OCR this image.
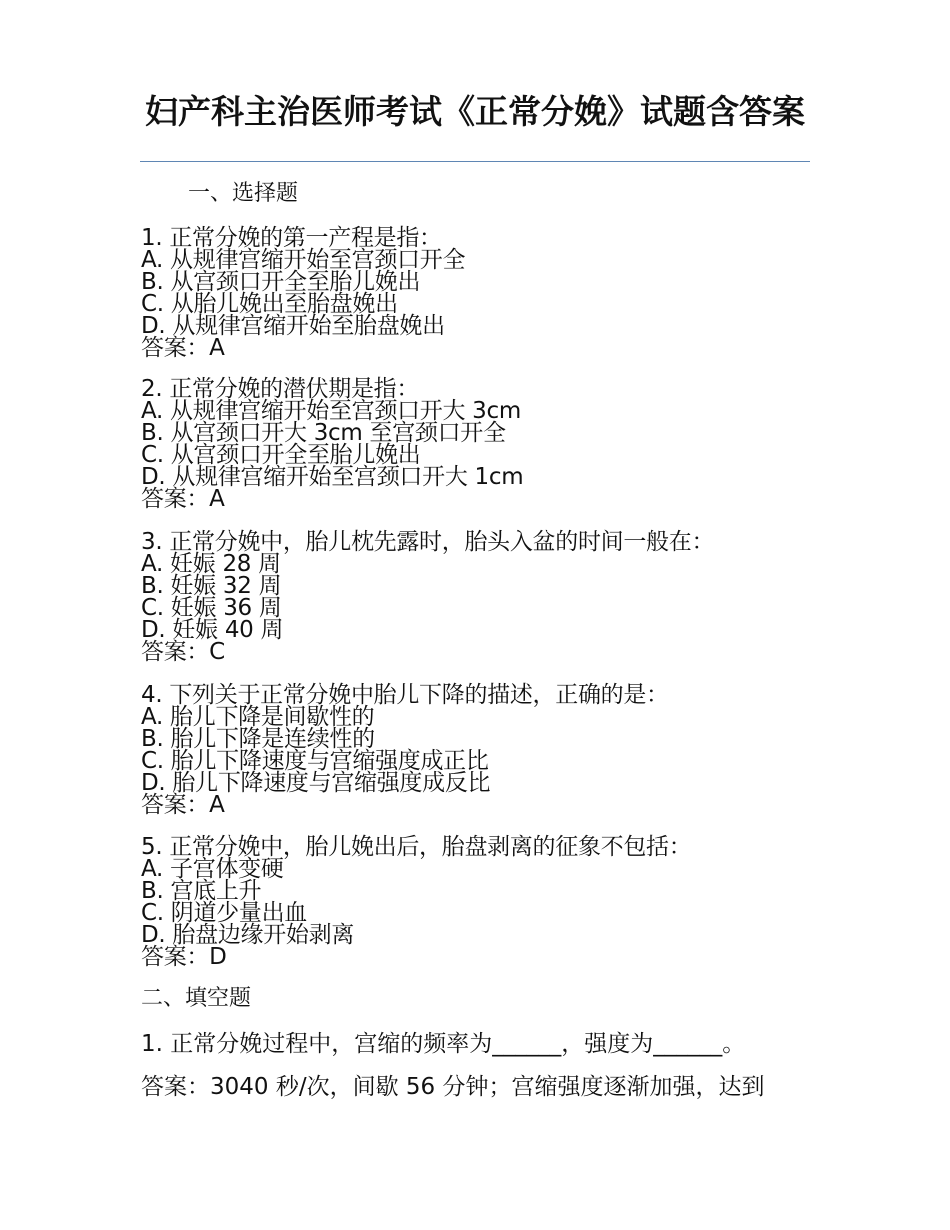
妇产科主治医师考试《正常分娩》试题含答案
一、选择题
1. 正常分娩的第一产程是指：
A. 从规律宫缩开始至宫颈口开全
B. 从宫颈口开全至胎儿娩出
C. 从胎儿娩出至胎盘娩出
D. 从规律宫缩开始至胎盘娩出
答案：A
2. 正常分娩的潜伏期是指：
A. 从规律宫缩开始至宫颈口开大 3cm
B. 从宫颈口开大 3cm 至宫颈口开全
C. 从宫颈口开全至胎儿娩出
D. 从规律宫缩开始至宫颈口开大 1cm
答案：A
3. 正常分娩中，胎儿枕先露时，胎头入盆的时间一般在：
A. 妊娠 28 周
B. 妊娠 32 周
C. 妊娠 36 周
D. 妊娠 40 周
答案：C
4. 下列关于正常分娩中胎儿下降的描述，正确的是：
A. 胎儿下降是间歇性的
B. 胎儿下降是连续性的
C. 胎儿下降速度与宫缩强度成正比
D. 胎儿下降速度与宫缩强度成反比
答案：A
5. 正常分娩中，胎儿娩出后，胎盘剥离的征象不包括：
A. 子宫体变硬
B. 宫底上升
C. 阴道少量出血
D. 胎盘边缘开始剥离
答案：D
二、填空题
1. 正常分娩过程中，宫缩的频率为______，强度为______。
答案：3040 秒/次，间歇 56 分钟；宫缩强度逐渐加强，达到
